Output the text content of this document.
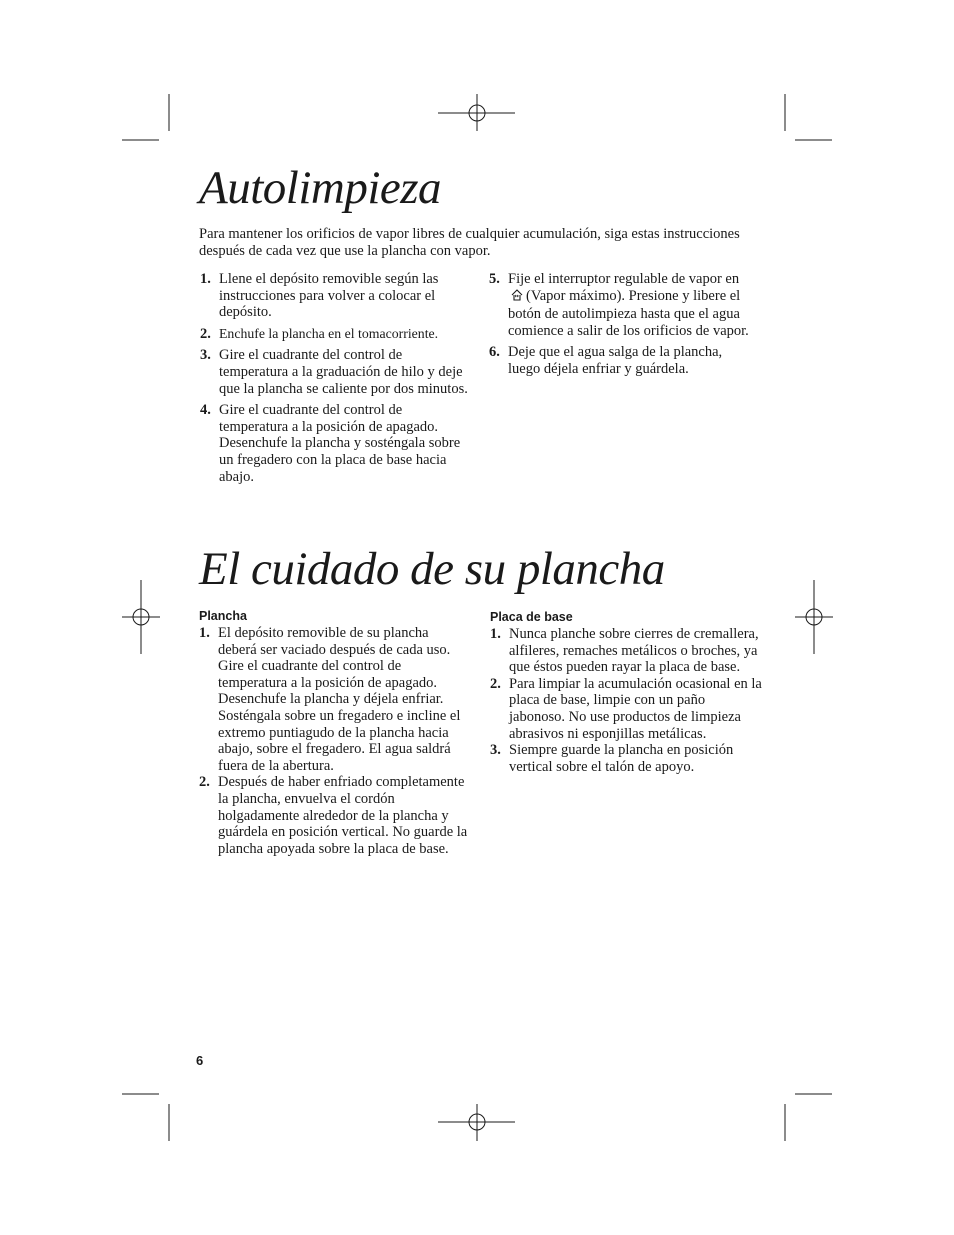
Autolimpieza

Para mantener los orificios de vapor libres de cualquier acumulación, siga estas instrucciones después de cada vez que use la plancha con vapor.

1. Llene el depósito removible según las instrucciones para volver a colocar el depósito.
2. Enchufe la plancha en el tomacorriente.
3. Gire el cuadrante del control de temperatura a la graduación de hilo y deje que la plancha se caliente por dos minutos.
4. Gire el cuadrante del control de temperatura a la posición de apagado. Desenchufe la plancha y sosténgala sobre un fregadero con la placa de base hacia abajo.
5. Fije el interruptor regulable de vapor en(Vapor máximo). Presione y libere el botón de autolimpieza hasta que el agua comience a salir de los orificios de vapor.
6. Deje que el agua salga de la plancha, luego déjela enfriar y guárdela.
El cuidado de su plancha

Plancha

1. El depósito removible de su plancha deberá ser vaciado después de cada uso. Gire el cuadrante del control de temperatura a la posición de apagado. Desenchufe la plancha y déjela enfriar. Sosténgala sobre un fregadero e incline el extremo puntiagudo de la plancha hacia abajo, sobre el fregadero. El agua saldrá fuera de la abertura.
2. Después de haber enfriado completamente la plancha, envuelva el cordón holgadamente alrededor de la plancha y guárdela en posición vertical. No guarde la plancha apoyada sobre la placa de base.

Placa de base

1. Nunca planche sobre cierres de cremallera, alfileres, remaches metálicos o broches, ya que éstos pueden rayar la placa de base.
2. Para limpiar la acumulación ocasional en la placa de base, limpie con un paño jabonoso. No use productos de limpieza abrasivos ni esponjillas metálicas.
3. Siempre guarde la plancha en posición vertical sobre el talón de apoyo.
6
